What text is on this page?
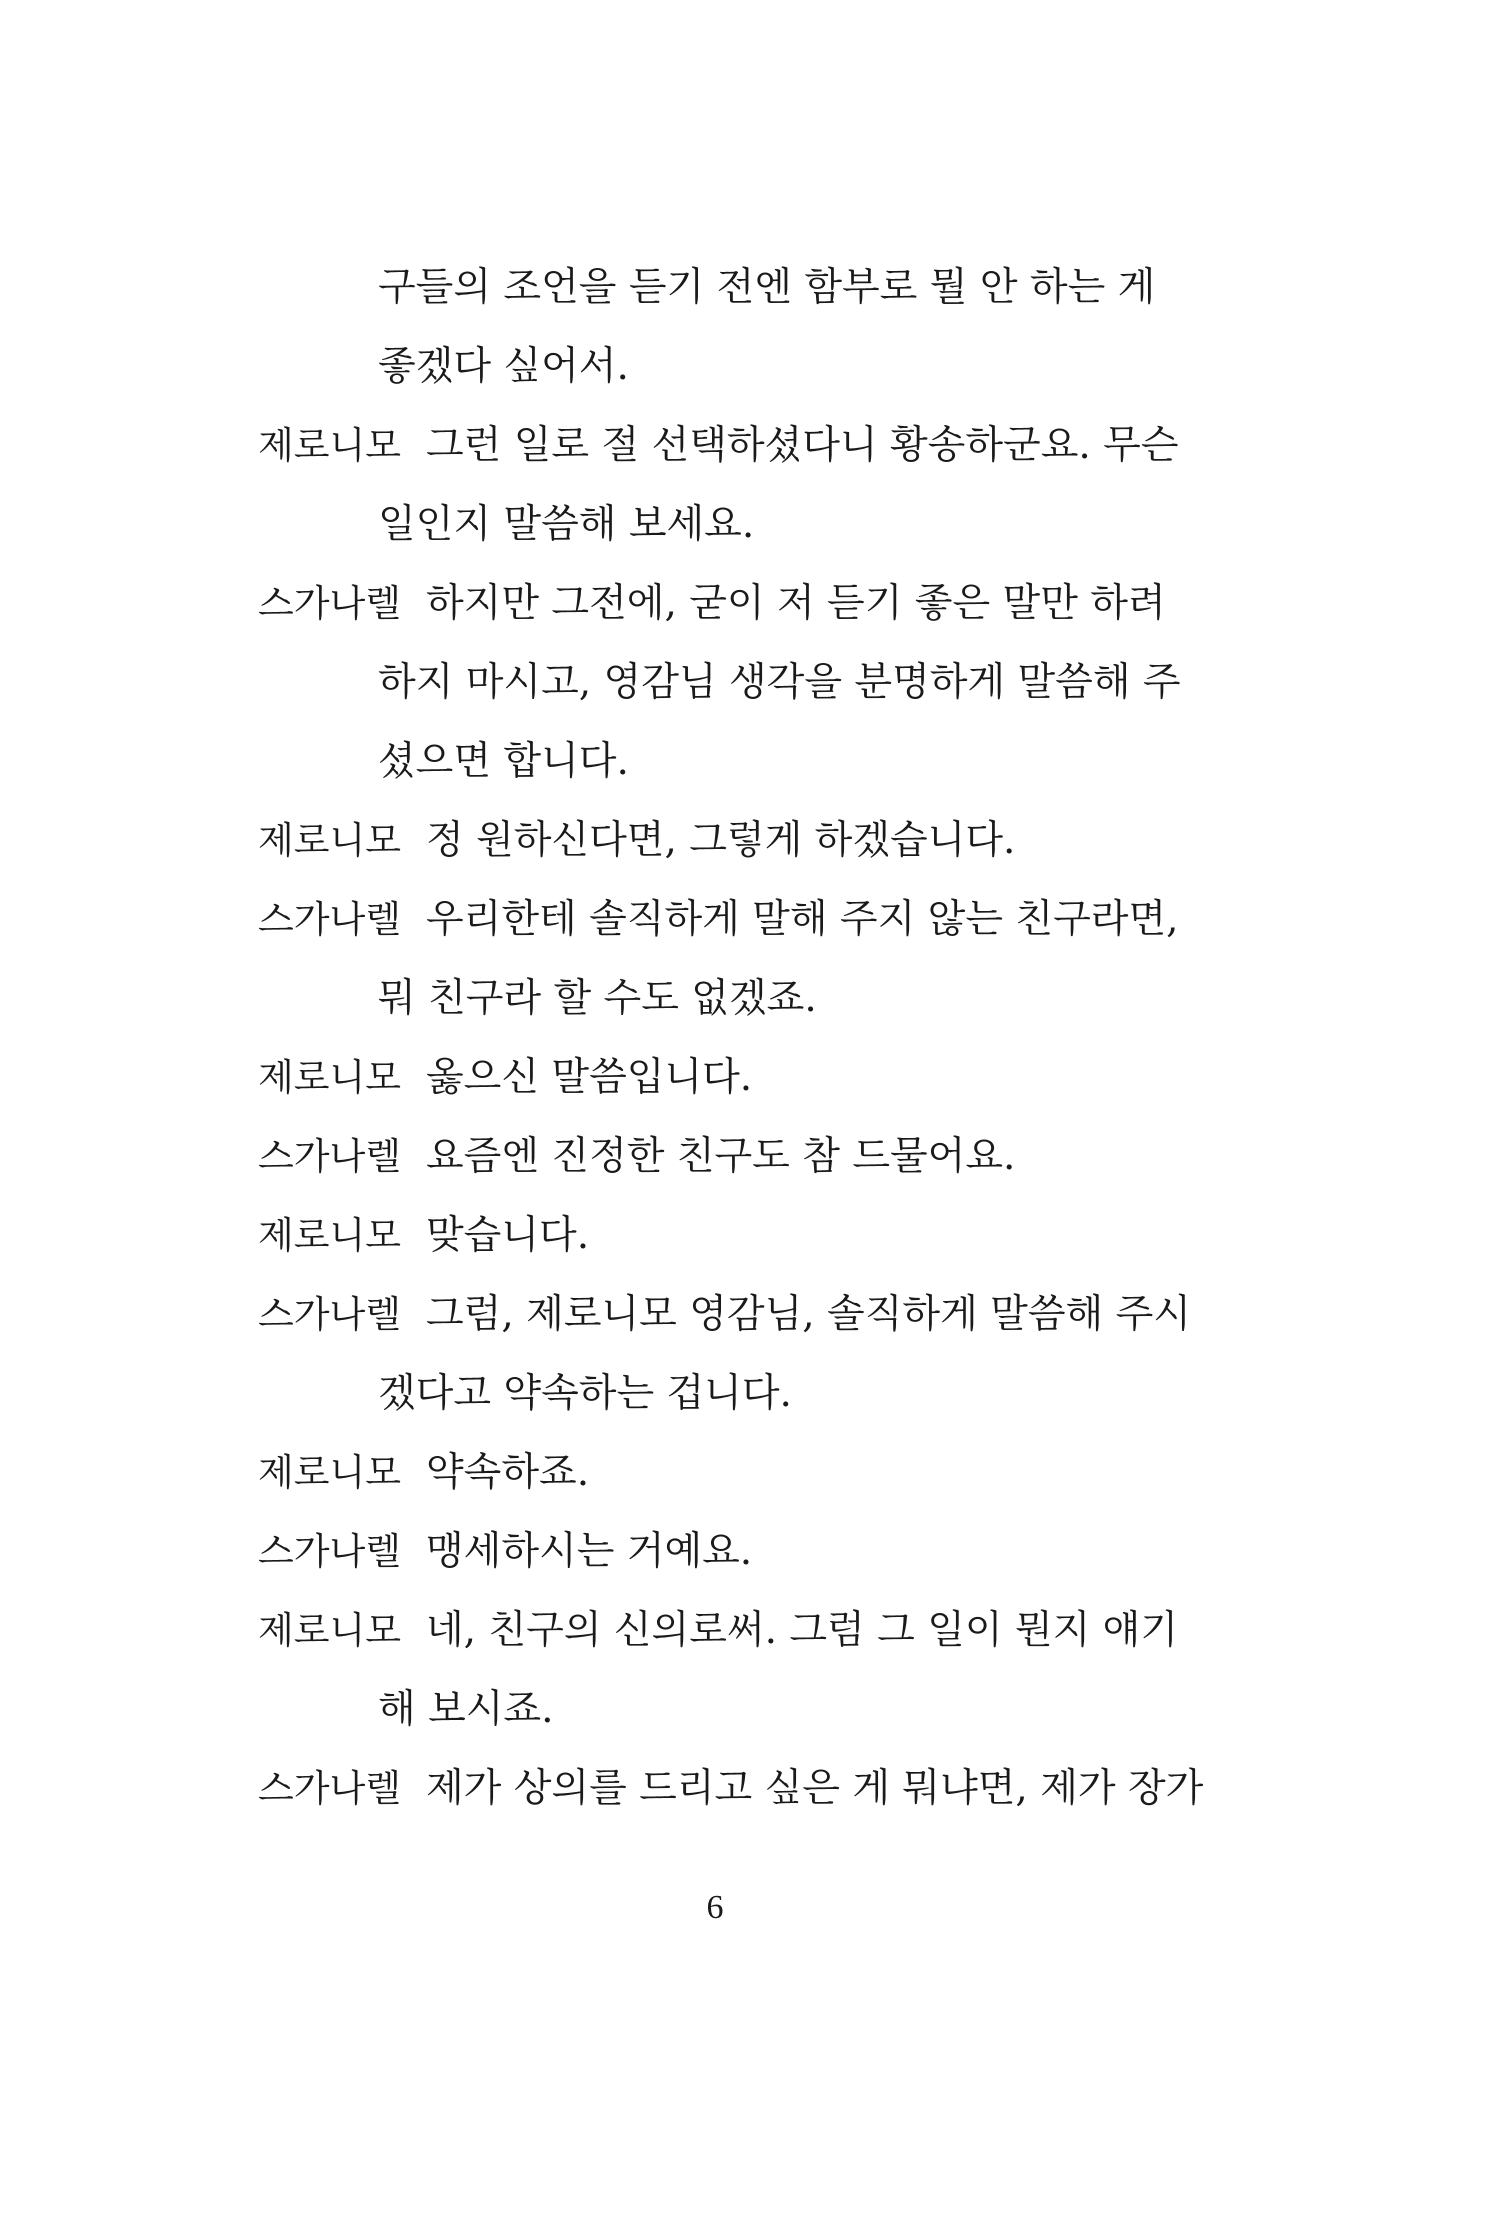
구들의 조언을 듣기 전엔 함부로 뭘 안 하는 게
좋겠다 싶어서.
제로니모 그런 일로 절 선택하셨다니 황송하군요. 무슨
일인지 말씀해 보세요.
스가나렐 하지만 그전에, 굳이 저 듣기 좋은 말만 하려
하지 마시고, 영감님 생각을 분명하게 말씀해 주
셨으면 합니다.
제로니모 정 원하신다면, 그렇게 하겠습니다.
스가나렐 우리한테 솔직하게 말해 주지 않는 친구라면,
뭐 친구라 할 수도 없겠죠.
제로니모 옳으신 말씀입니다.
스가나렐 요즘엔 진정한 친구도 참 드물어요.
제로니모 맞습니다.
스가나렐 그럼, 제로니모 영감님, 솔직하게 말씀해 주시
겠다고 약속하는 겁니다.
제로니모 약속하죠.
스가나렐 맹세하시는 거예요.
제로니모 네, 친구의 신의로써. 그럼 그 일이 뭔지 얘기
해 보시죠.
스가나렐 제가 상의를 드리고 싶은 게 뭐냐면, 제가 장가
6
